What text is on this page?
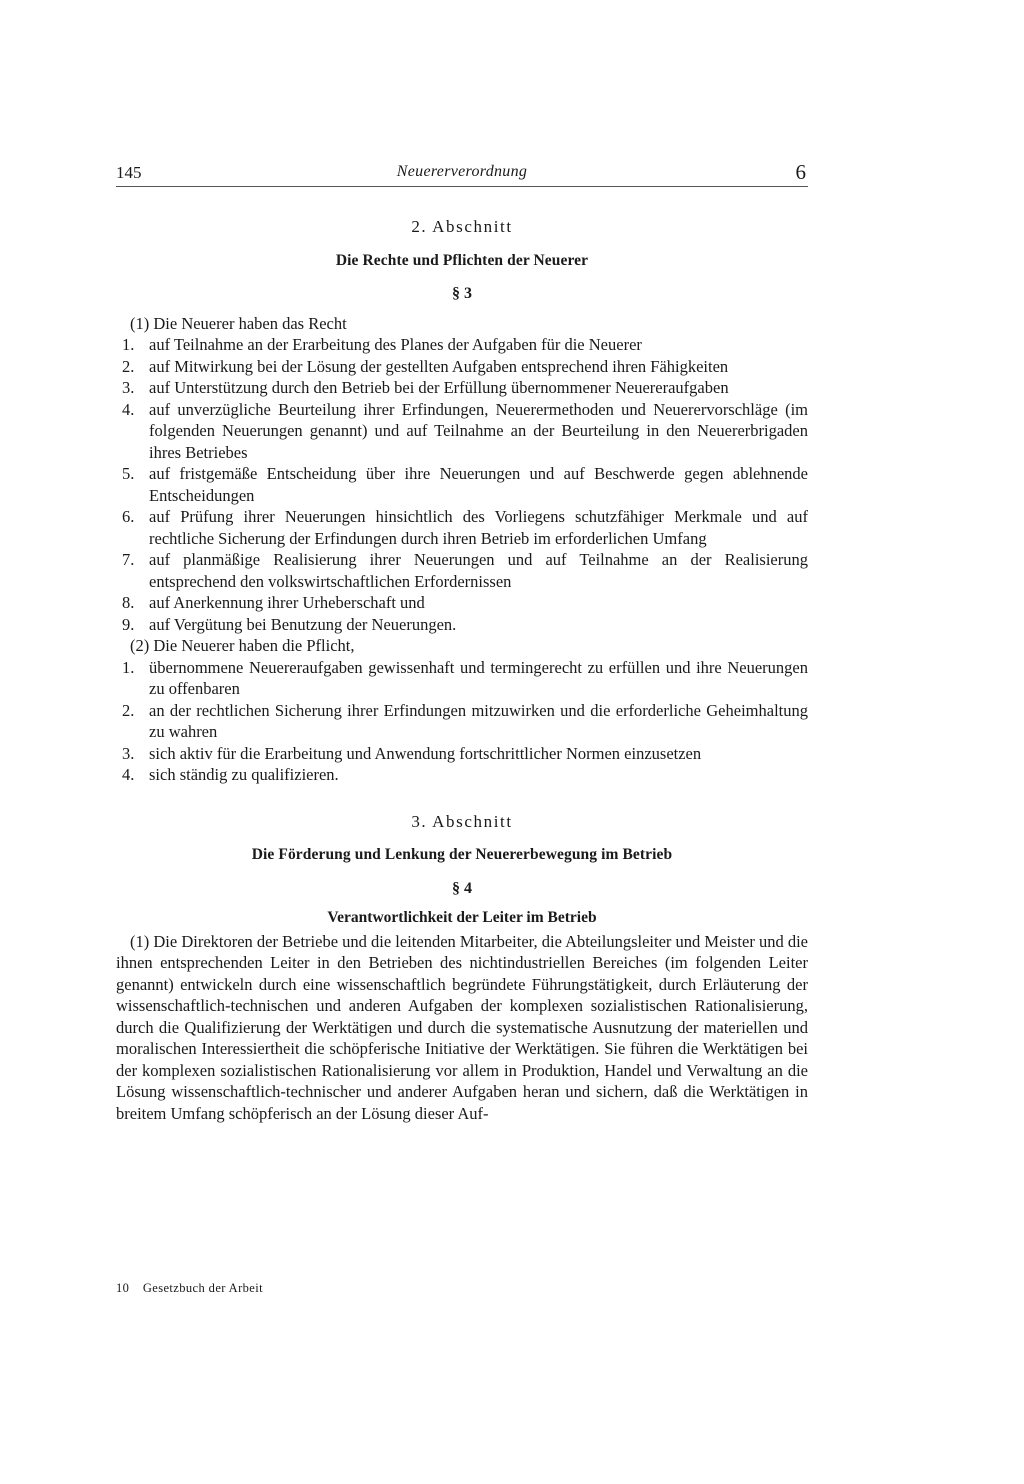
145	Neuererverordnung	6

2. Abschnitt

Die Rechte und Pflichten der Neuerer

§ 3

(1) Die Neuerer haben das Recht

1. auf Teilnahme an der Erarbeitung des Planes der Aufgaben für die Neuerer
2. auf Mitwirkung bei der Lösung der gestellten Aufgaben entsprechend ihren Fähigkeiten
3. auf Unterstützung durch den Betrieb bei der Erfüllung übernommener Neuereraufgaben
4. auf unverzügliche Beurteilung ihrer Erfindungen, Neuerermethoden und Neuerervorschläge (im folgenden Neuerungen genannt) und auf Teilnahme an der Beurteilung in den Neuererbrigaden ihres Betriebes
5. auf fristgemäße Entscheidung über ihre Neuerungen und auf Beschwerde gegen ablehnende Entscheidungen
6. auf Prüfung ihrer Neuerungen hinsichtlich des Vorliegens schutzfähiger Merkmale und auf rechtliche Sicherung der Erfindungen durch ihren Betrieb im erforderlichen Umfang
7. auf planmäßige Realisierung ihrer Neuerungen und auf Teilnahme an der Realisierung entsprechend den volkswirtschaftlichen Erfordernissen
8. auf Anerkennung ihrer Urheberschaft und
9. auf Vergütung bei Benutzung der Neuerungen.

(2) Die Neuerer haben die Pflicht,

1. übernommene Neuereraufgaben gewissenhaft und termingerecht zu erfüllen und ihre Neuerungen zu offenbaren
2. an der rechtlichen Sicherung ihrer Erfindungen mitzuwirken und die erforderliche Geheimhaltung zu wahren
3. sich aktiv für die Erarbeitung und Anwendung fortschrittlicher Normen einzusetzen
4. sich ständig zu qualifizieren.

3. Abschnitt

Die Förderung und Lenkung der Neuererbewegung im Betrieb

§ 4

Verantwortlichkeit der Leiter im Betrieb

(1) Die Direktoren der Betriebe und die leitenden Mitarbeiter, die Abteilungsleiter und Meister und die ihnen entsprechenden Leiter in den Betrieben des nichtindustriellen Bereiches (im folgenden Leiter genannt) entwickeln durch eine wissenschaftlich begründete Führungstätigkeit, durch Erläuterung der wissenschaftlich-technischen und anderen Aufgaben der komplexen sozialistischen Rationalisierung, durch die Qualifizierung der Werktätigen und durch die systematische Ausnutzung der materiellen und moralischen Interessiertheit die schöpferische Initiative der Werktätigen. Sie führen die Werktätigen bei der komplexen sozialistischen Rationalisierung vor allem in Produktion, Handel und Verwaltung an die Lösung wissenschaftlich-technischer und anderer Aufgaben heran und sichern, daß die Werktätigen in breitem Umfang schöpferisch an der Lösung dieser Auf-

10 Gesetzbuch der Arbeit
